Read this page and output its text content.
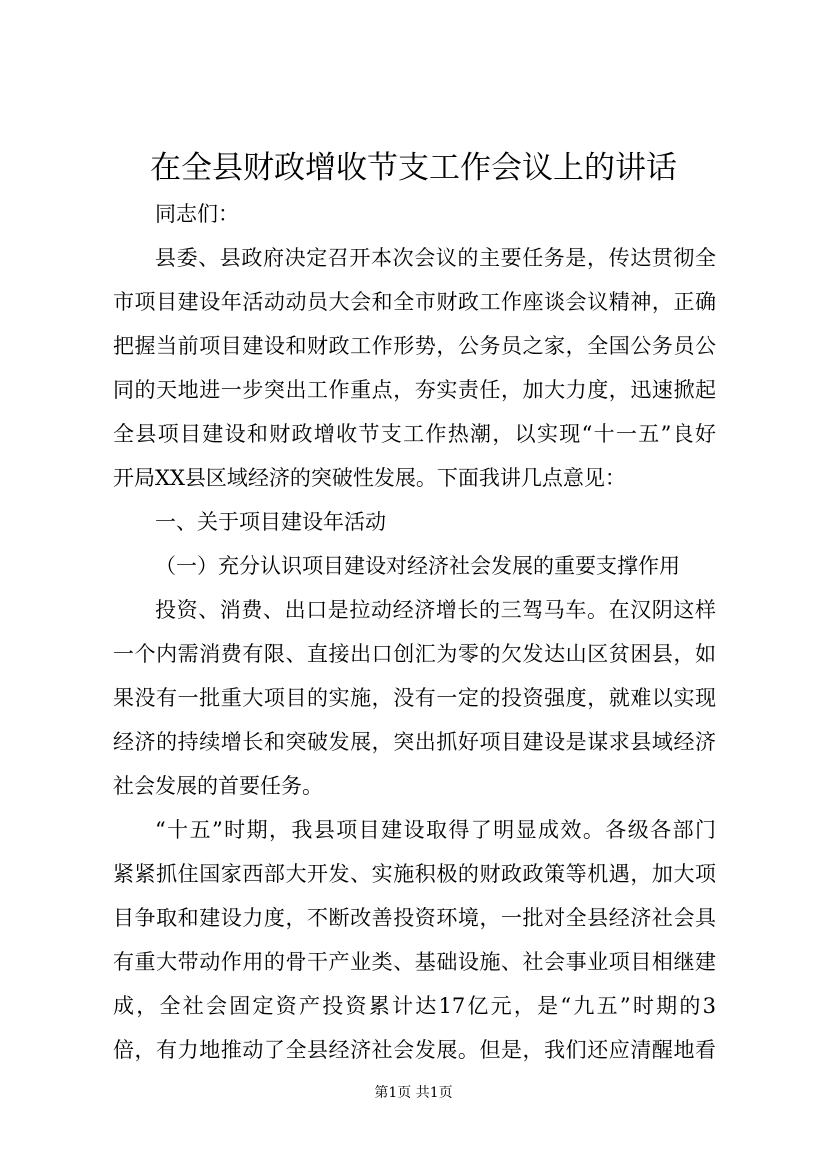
在全县财政增收节支工作会议上的讲话
同志们：
县委、县政府决定召开本次会议的主要任务是，传达贯彻全
市项目建设年活动动员大会和全市财政工作座谈会议精神，正确
把握当前项目建设和财政工作形势，公务员之家，全国公务员公
同的天地进一步突出工作重点，夯实责任，加大力度，迅速掀起
全县项目建设和财政增收节支工作热潮，以实现“十一五”良好
开局XX县区域经济的突破性发展。下面我讲几点意见：
一、关于项目建设年活动
（一）充分认识项目建设对经济社会发展的重要支撑作用
投资、消费、出口是拉动经济增长的三驾马车。在汉阴这样
一个内需消费有限、直接出口创汇为零的欠发达山区贫困县，如
果没有一批重大项目的实施，没有一定的投资强度，就难以实现
经济的持续增长和突破发展，突出抓好项目建设是谋求县域经济
社会发展的首要任务。
“十五”时期，我县项目建设取得了明显成效。各级各部门
紧紧抓住国家西部大开发、实施积极的财政政策等机遇，加大项
目争取和建设力度，不断改善投资环境，一批对全县经济社会具
有重大带动作用的骨干产业类、基础设施、社会事业项目相继建
成，全社会固定资产投资累计达17亿元，是“九五”时期的3
倍，有力地推动了全县经济社会发展。但是，我们还应清醒地看
第1页 共1页
